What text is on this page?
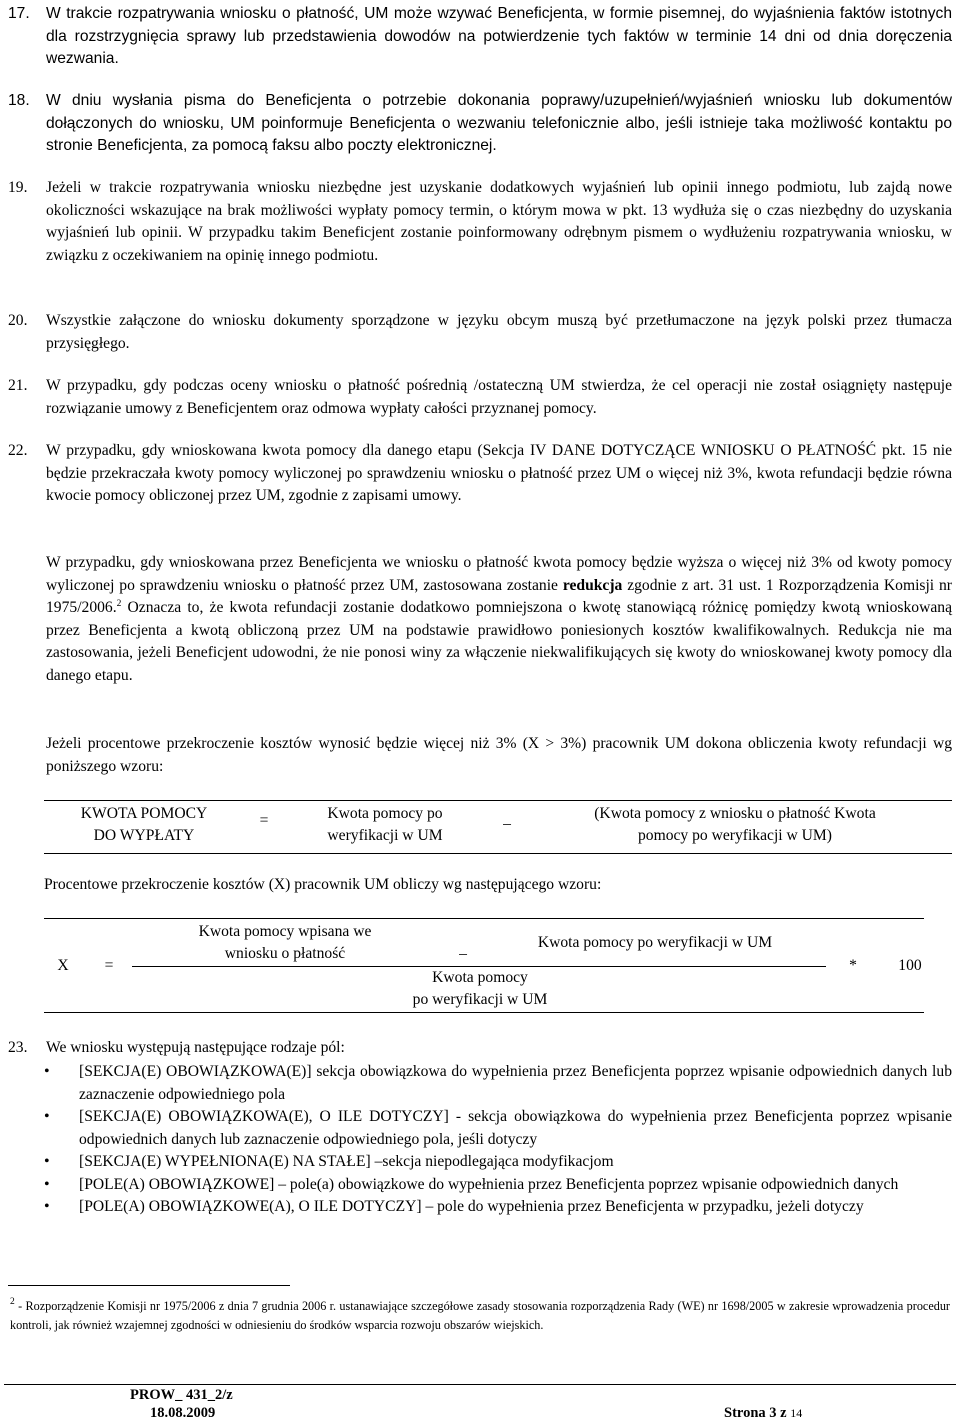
17. W trakcie rozpatrywania wniosku o płatność, UM może wzywać Beneficjenta, w formie pisemnej, do wyjaśnienia faktów istotnych dla rozstrzygnięcia sprawy lub przedstawienia dowodów na potwierdzenie tych faktów w terminie 14 dni od dnia doręczenia wezwania.

18. W dniu wysłania pisma do Beneficjenta o potrzebie dokonania poprawy/uzupełnień/wyjaśnień wniosku lub dokumentów dołączonych do wniosku, UM poinformuje Beneficjenta o wezwaniu telefonicznie albo, jeśli istnieje taka możliwość kontaktu po stronie Beneficjenta, za pomocą faksu albo poczty elektronicznej.

19. Jeżeli w trakcie rozpatrywania wniosku niezbędne jest uzyskanie dodatkowych wyjaśnień lub opinii innego podmiotu, lub zajdą nowe okoliczności wskazujące na brak możliwości wypłaty pomocy termin, o którym mowa w pkt. 13 wydłuża się o czas niezbędny do uzyskania wyjaśnień lub opinii. W przypadku takim Beneficjent zostanie poinformowany odrębnym pismem o wydłużeniu rozpatrywania wniosku, w związku z oczekiwaniem na opinię innego podmiotu.

20. Wszystkie załączone do wniosku dokumenty sporządzone w języku obcym muszą być przetłumaczone na język polski przez tłumacza przysięgłego.

21. W przypadku, gdy podczas oceny wniosku o płatność pośrednią /ostateczną UM stwierdza, że cel operacji nie został osiągnięty następuje rozwiązanie umowy z Beneficjentem oraz odmowa wypłaty całości przyznanej pomocy.

22. W przypadku, gdy wnioskowana kwota pomocy dla danego etapu (Sekcja IV DANE DOTYCZĄCE WNIOSKU O PŁATNOŚĆ pkt. 15 nie będzie przekraczała kwoty pomocy wyliczonej po sprawdzeniu wniosku o płatność przez UM o więcej niż 3%, kwota refundacji będzie równa kwocie pomocy obliczonej przez UM, zgodnie z zapisami umowy.

W przypadku, gdy wnioskowana przez Beneficjenta we wniosku o płatność kwota pomocy będzie wyższa o więcej niż 3% od kwoty pomocy wyliczonej po sprawdzeniu wniosku o płatność przez UM, zastosowana zostanie redukcja zgodnie z art. 31 ust. 1 Rozporządzenia Komisji nr 1975/2006.$^2$ Oznacza to, że kwota refundacji zostanie dodatkowo pomniejszona o kwotę stanowiącą różnicę pomiędzy kwotą wnioskowaną przez Beneficjenta a kwotą obliczoną przez UM na podstawie prawidłowo poniesionych kosztów kwalifikowalnych. Redukcja nie ma zastosowania, jeżeli Beneficjent udowodni, że nie ponosi winy za włączenie niekwalifikujących się kwoty do wnioskowanej kwoty pomocy dla danego etapu.

Jeżeli procentowe przekroczenie kosztów wynosić będzie więcej niż 3% (X > 3%) pracownik UM dokona obliczenia kwoty refundacji wg poniższego wzoru:

KWOTA POMOCY

DO WYPŁATY

=	Kwota pomocy po

weryfikacji w UM

_	(Kwota pomocy z wniosku o płatność Kwota

pomocy po weryfikacji w UM)

Procentowe przekroczenie kosztów (X) pracownik UM obliczy wg następującego wzoru:

X	=

Kwota pomocy wpisana we

wniosku o płatność	_	Kwota pomocy po weryfikacji w UM

Kwota pomocy

po weryfikacji w UM

*	100

23. We wniosku występują następujące rodzaje pól:

• [SEKCJA(E) OBOWIĄZKOWA(E)] sekcja obowiązkowa do wypełnienia przez Beneficjenta poprzez wpisanie odpowiednich danych lub zaznaczenie odpowiedniego pola
• [SEKCJA(E) OBOWIĄZKOWA(E), O ILE DOTYCZY] - sekcja obowiązkowa do wypełnienia przez Beneficjenta poprzez wpisanie odpowiednich danych lub zaznaczenie odpowiedniego pola, jeśli dotyczy
• [SEKCJA(E) WYPEŁNIONA(E) NA STAŁE] –sekcja niepodlegająca modyfikacjom
• [POLE(A) OBOWIĄZKOWE] – pole(a) obowiązkowe do wypełnienia przez Beneficjenta poprzez wpisanie odpowiednich danych
• [POLE(A) OBOWIĄZKOWE(A), O ILE DOTYCZY] – pole do wypełnienia przez Beneficjenta w przypadku, jeżeli dotyczy

$^2$ - Rozporządzenie Komisji nr 1975/2006 z dnia 7 grudnia 2006 r. ustanawiające szczegółowe zasady stosowania rozporządzenia Rady (WE) nr 1698/2005 w zakresie wprowadzenia procedur kontroli, jak również wzajemnej zgodności w odniesieniu do środków wsparcia rozwoju obszarów wiejskich.

PROW_ 431_2/z
18.08.2009	Strona 3 z 14
